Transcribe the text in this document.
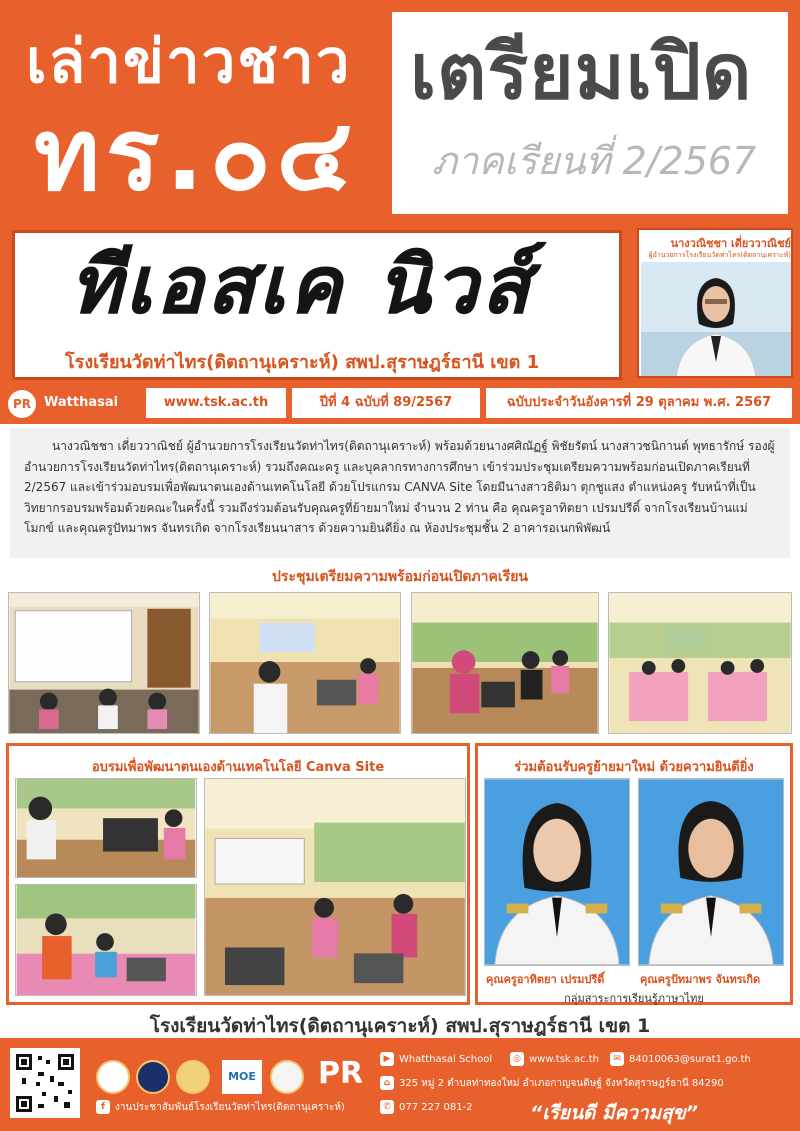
เล่าข่าวชาว
ทร.๐๔
เตรียมเปิด
ภาคเรียนที่ 2/2567
ทีเอสเค นิวส์
โรงเรียนวัดท่าไทร(ดิตถานุเคราะห์) สพป.สุราษฎร์ธานี เขต 1
นางวณิชชา เดี่ยววาณิชย์
ผู้อำนวยการโรงเรียนวัดท่าไทร(ดิตถานุเคราะห์)
PR Watthasai	www.tsk.ac.th	ปีที่ 4 ฉบับที่ 89/2567	ฉบับประจำวันอังคารที่ 29 ตุลาคม พ.ศ. 2567
นางวณิชชา เดี่ยววาณิชย์ ผู้อำนวยการโรงเรียนวัดท่าไทร(ดิตถานุเคราะห์) พร้อมด้วยนางศศิณัฏฐ์ พิชัยรัตน์ นางสาวชนิกานต์ พุทธารักษ์ รองผู้อำนวยการโรงเรียนวัดท่าไทร(ดิตถานุเคราะห์) รวมถึงคณะครู และบุคลากรทางการศึกษา เข้าร่วมประชุมเตรียมความพร้อมก่อนเปิดภาคเรียนที่ 2/2567 และเข้าร่วมอบรมเพื่อพัฒนาตนเองด้านเทคโนโลยี ด้วยโปรแกรม CANVA Site โดยมีนางสาวธิติมา ตุกชูแสง ตำแหน่งครู รับหน้าที่เป็นวิทยากรอบรมพร้อมด้วยคณะในครั้งนี้ รวมถึงร่วมต้อนรับคุณครูที่ย้ายมาใหม่ จำนวน 2 ท่าน คือ คุณครูอาทิตยา เปรมปรีดิ์ จากโรงเรียนบ้านแม่โมกข์ และคุณครูปัทมาพร จันทรเกิด จากโรงเรียนนาสาร ด้วยความยินดียิ่ง ณ ห้องประชุมชั้น 2 อาคารอเนกพิพัฒน์
ประชุมเตรียมความพร้อมก่อนเปิดภาคเรียน
อบรมเพื่อพัฒนาตนเองด้านเทคโนโลยี Canva Site	ร่วมต้อนรับครูย้ายมาใหม่ ด้วยความยินดียิ่ง
คุณครูอาทิตยา เปรมปรีดิ์	คุณครูปัทมาพร จันทรเกิด
กลุ่มสาระการเรียนรู้ภาษาไทย
โรงเรียนวัดท่าไทร(ดิตถานุเคราะห์) สพป.สุราษฎร์ธานี เขต 1
MOE PR	▶ Whatthasai School	◎ www.tsk.ac.th	✉ 84010063@surat1.go.th
⌂ 325 หมู่ 2 ตำบลท่าทองใหม่ อำเภอกาญจนดิษฐ์ จังหวัดสุราษฎร์ธานี 84290
f งานประชาสัมพันธ์โรงเรียนวัดท่าไทร(ดิตถานุเคราะห์)	✆ 077 227 081-2	“เรียนดี มีความสุข”
